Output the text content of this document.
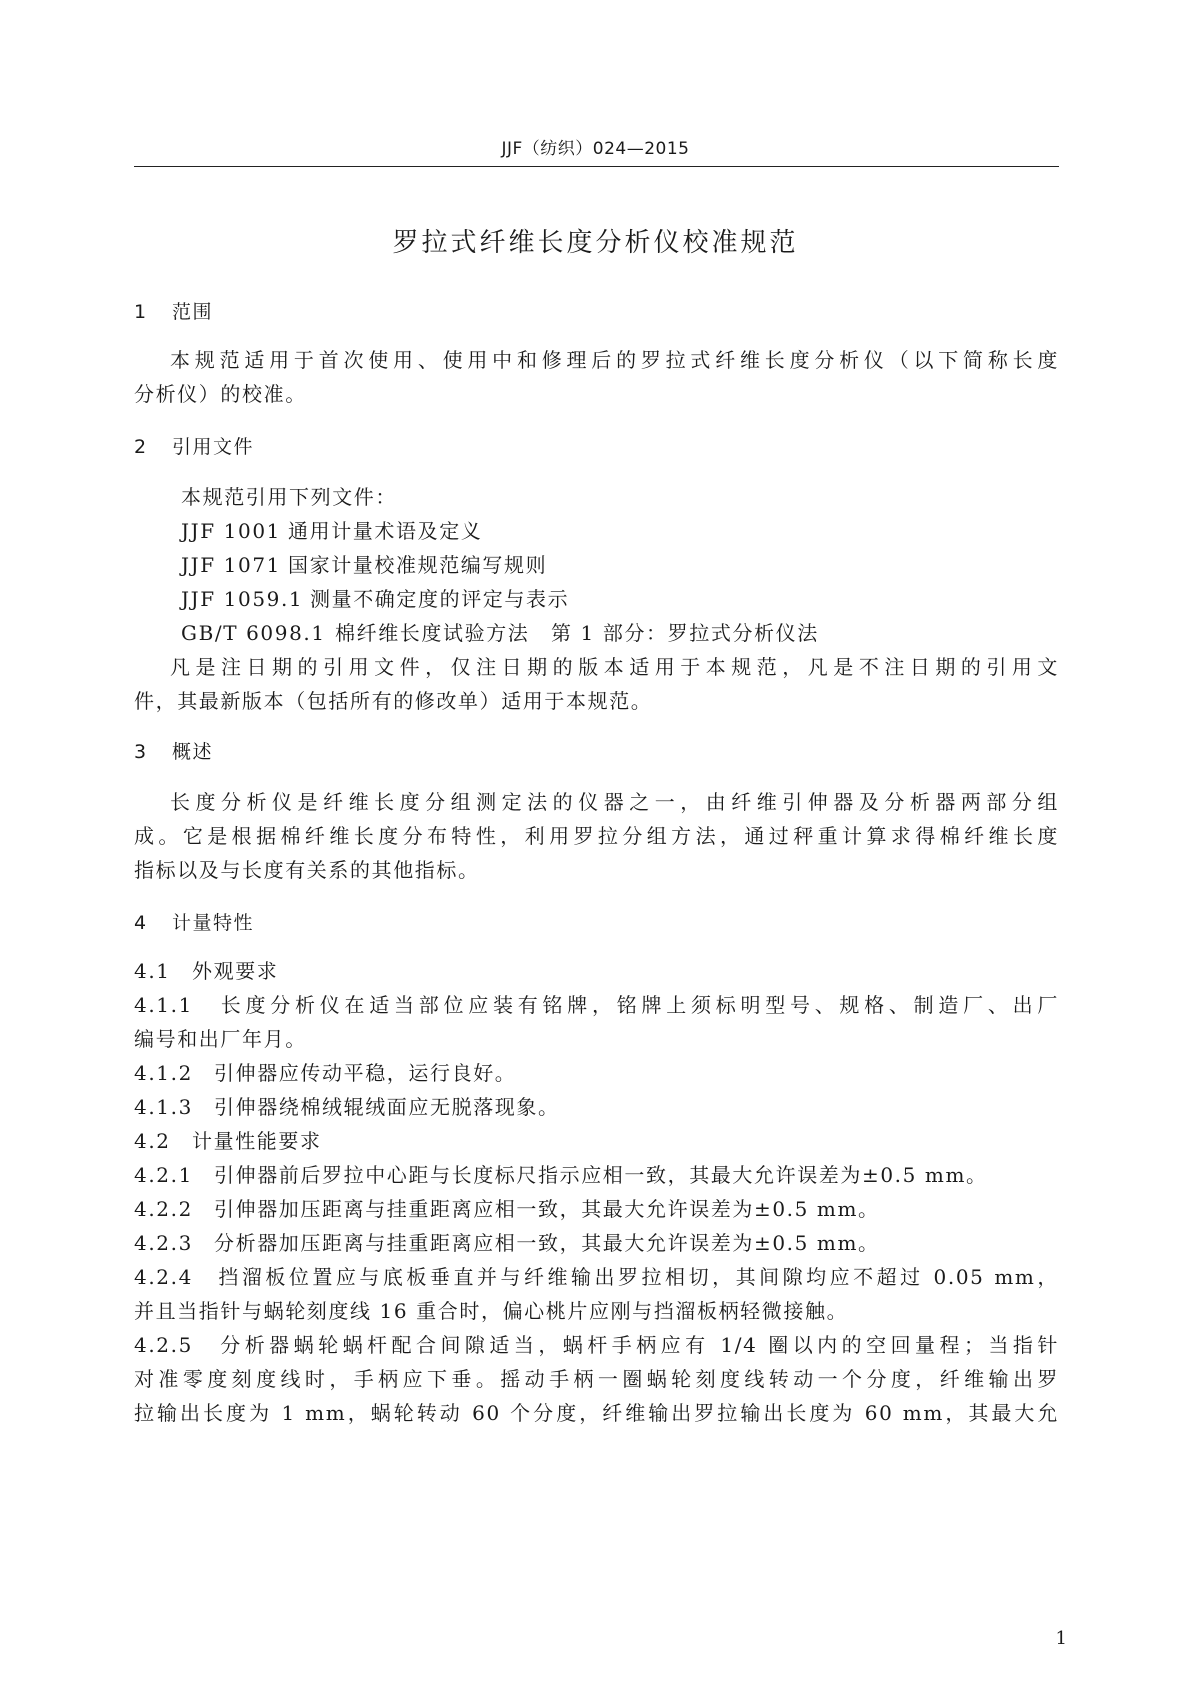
JJF（纺织）024—2015
罗拉式纤维长度分析仪校准规范
1 范围
本规范适用于首次使用、使用中和修理后的罗拉式纤维长度分析仪（以下简称长度
分析仪）的校准。
2 引用文件
本规范引用下列文件：
JJF 1001 通用计量术语及定义
JJF 1071 国家计量校准规范编写规则
JJF 1059.1 测量不确定度的评定与表示
GB/T 6098.1 棉纤维长度试验方法　第 1 部分：罗拉式分析仪法
凡是注日期的引用文件，仅注日期的版本适用于本规范，凡是不注日期的引用文
件，其最新版本（包括所有的修改单）适用于本规范。
3 概述
长度分析仪是纤维长度分组测定法的仪器之一，由纤维引伸器及分析器两部分组
成。它是根据棉纤维长度分布特性，利用罗拉分组方法，通过秤重计算求得棉纤维长度
指标以及与长度有关系的其他指标。
4 计量特性
4.1 外观要求
4.1.1　 长度分析仪在适当部位应装有铭牌，铭牌上须标明型号、规格、制造厂、出厂
编号和出厂年月。
4.1.2 引伸器应传动平稳，运行良好。
4.1.3 引伸器绕棉绒辊绒面应无脱落现象。
4.2 计量性能要求
4.2.1 引伸器前后罗拉中心距与长度标尺指示应相一致，其最大允许误差为±0.5 mm。
4.2.2 引伸器加压距离与挂重距离应相一致，其最大允许误差为±0.5 mm。
4.2.3 分析器加压距离与挂重距离应相一致，其最大允许误差为±0.5 mm。
4.2.4　 挡溜板位置应与底板垂直并与纤维输出罗拉相切，其间隙均应不超过 0.05 mm，
并且当指针与蜗轮刻度线 16 重合时，偏心桃片应刚与挡溜板柄轻微接触。
4.2.5　 分析器蜗轮蜗杆配合间隙适当，蜗杆手柄应有 1/4 圈以内的空回量程；当指针
对准零度刻度线时，手柄应下垂。摇动手柄一圈蜗轮刻度线转动一个分度，纤维输出罗
拉输出长度为 1 mm，蜗轮转动 60 个分度，纤维输出罗拉输出长度为 60 mm，其最大允
1
